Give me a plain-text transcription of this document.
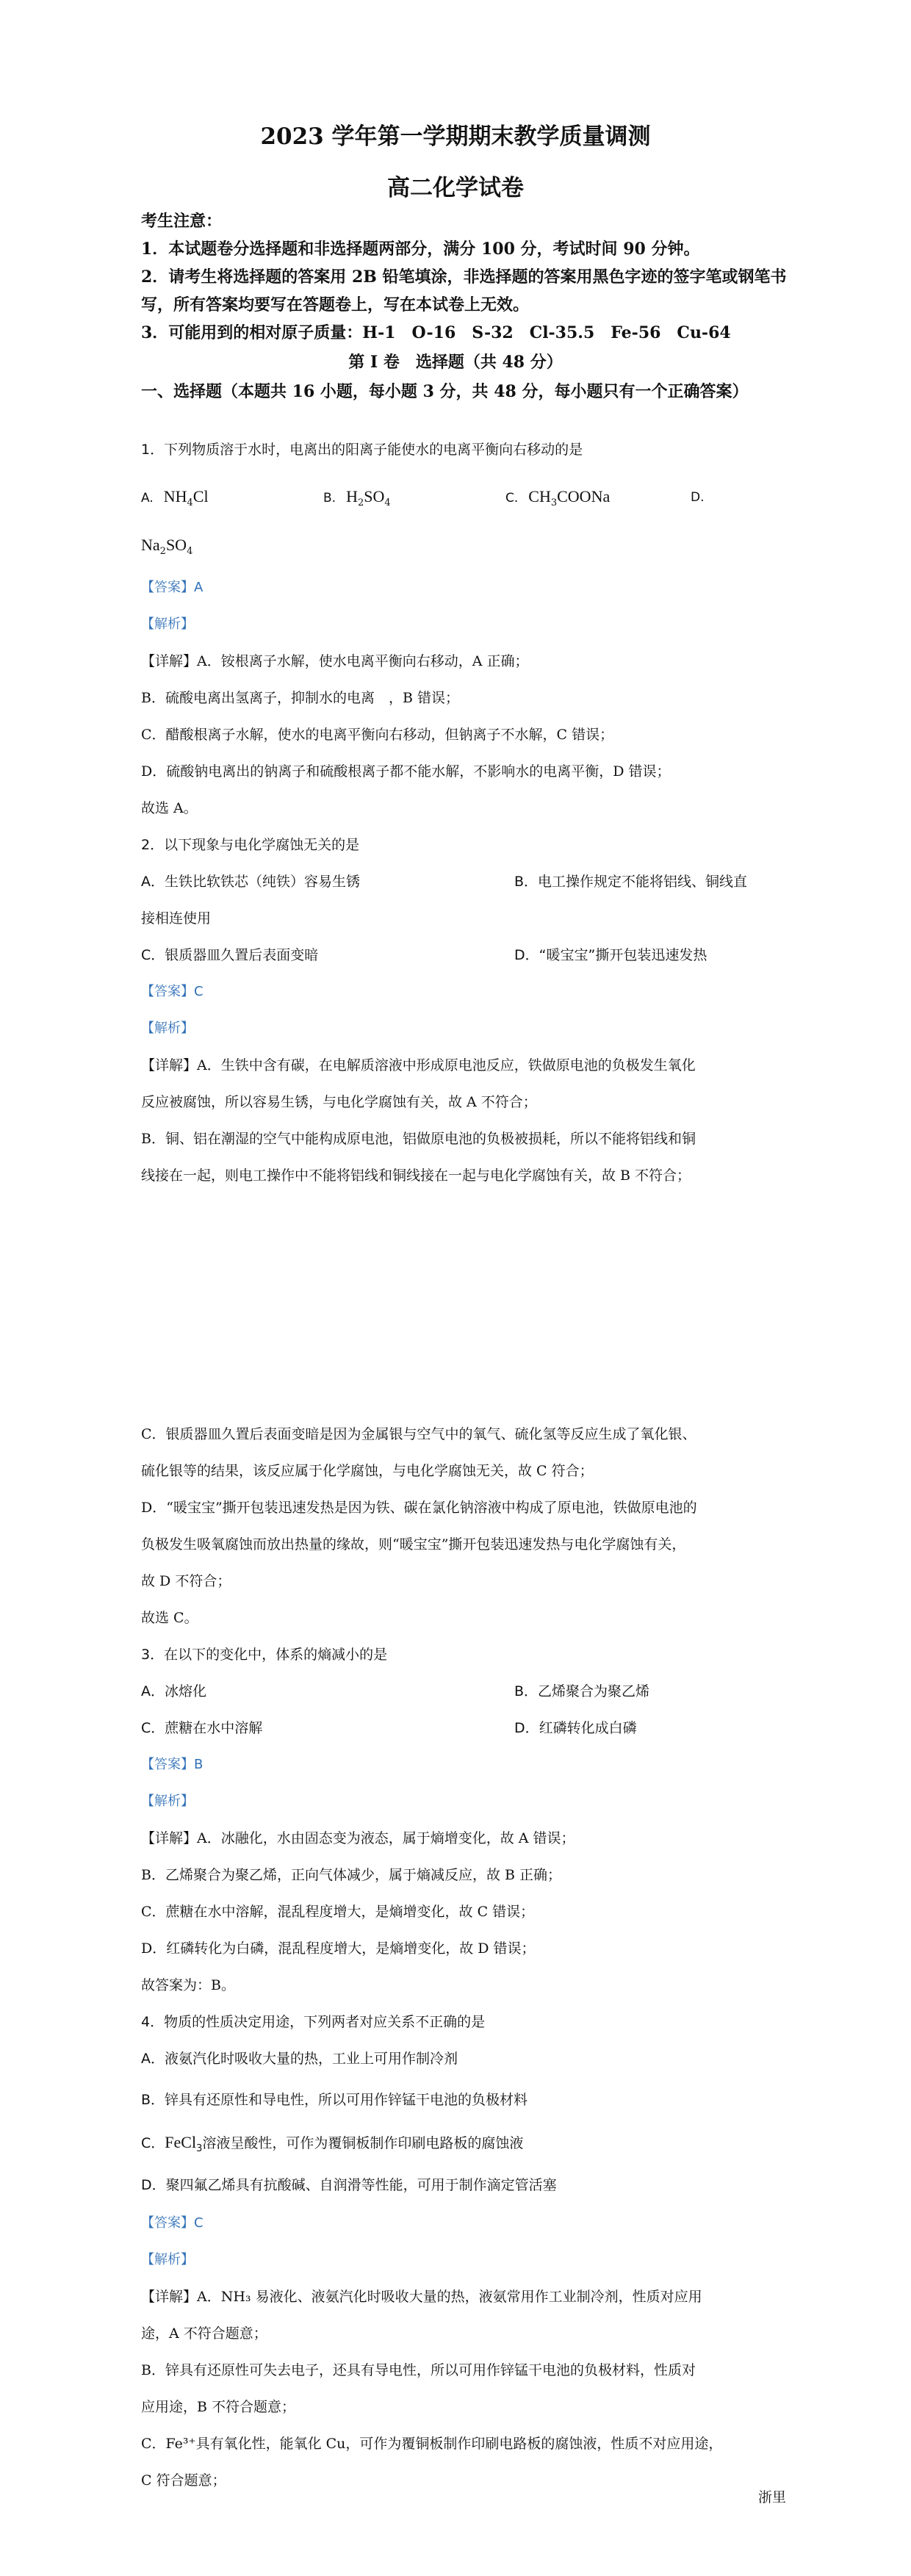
2023 学年第一学期期末教学质量调测
高二化学试卷

考生注意：

1．本试题卷分选择题和非选择题两部分，满分 100 分，考试时间 90 分钟。

2．请考生将选择题的答案用 2B 铅笔填涂，非选择题的答案用黑色字迹的签字笔或钢笔书写，所有答案均要写在答题卷上，写在本试卷上无效。

3．可能用到的相对原子质量：H-1　O-16　S-32　Cl-35.5　Fe-56　Cu-64

第 I 卷　选择题（共 48 分）
一、选择题（本题共 16 小题，每小题 3 分，共 48 分，每小题只有一个正确答案）
1．下列物质溶于水时，电离出的阳离子能使水的电离平衡向右移动的是
A. $NH_4Cl$	B. $H_2SO_4$	C. $CH_3COONa$	D.
$Na_2SO_4$
【答案】A
【解析】
【详解】A．铵根离子水解，使水电离平衡向右移动，A 正确；
B．硫酸电离出氢离子，抑制水的电离　，B 错误；
C．醋酸根离子水解，使水的电离平衡向右移动，但钠离子不水解，C 错误；
D．硫酸钠电离出的钠离子和硫酸根离子都不能水解，不影响水的电离平衡，D 错误；
故选 A。
2．以下现象与电化学腐蚀无关的是
A．生铁比软铁芯（纯铁）容易生锈	B．电工操作规定不能将铝线、铜线直
接相连使用
C．银质器皿久置后表面变暗	D．“暖宝宝”撕开包装迅速发热
【答案】C
【解析】
【详解】A．生铁中含有碳，在电解质溶液中形成原电池反应，铁做原电池的负极发生氧化
反应被腐蚀，所以容易生锈，与电化学腐蚀有关，故 A 不符合；
B．铜、铝在潮湿的空气中能构成原电池，铝做原电池的负极被损耗，所以不能将铝线和铜
线接在一起，则电工操作中不能将铝线和铜线接在一起与电化学腐蚀有关，故 B 不符合；
C．银质器皿久置后表面变暗是因为金属银与空气中的氧气、硫化氢等反应生成了氧化银、
硫化银等的结果，该反应属于化学腐蚀，与电化学腐蚀无关，故 C 符合；
D．“暖宝宝”撕开包装迅速发热是因为铁、碳在氯化钠溶液中构成了原电池，铁做原电池的
负极发生吸氧腐蚀而放出热量的缘故，则“暖宝宝”撕开包装迅速发热与电化学腐蚀有关，
故 D 不符合；
故选 C。
3．在以下的变化中，体系的熵减小的是
A．冰熔化	B．乙烯聚合为聚乙烯
C．蔗糖在水中溶解	D．红磷转化成白磷
【答案】B
【解析】
【详解】A．冰融化，水由固态变为液态，属于熵增变化，故 A 错误；
B．乙烯聚合为聚乙烯，正向气体减少，属于熵减反应，故 B 正确；
C．蔗糖在水中溶解，混乱程度增大，是熵增变化，故 C 错误；
D．红磷转化为白磷，混乱程度增大，是熵增变化，故 D 错误；
故答案为：B。
4．物质的性质决定用途，下列两者对应关系不正确的是
A．液氨汽化时吸收大量的热，工业上可用作制冷剂
B．锌具有还原性和导电性，所以可用作锌锰干电池的负极材料
C．FeCl$_3$溶液呈酸性，可作为覆铜板制作印刷电路板的腐蚀液
D．聚四氟乙烯具有抗酸碱、自润滑等性能，可用于制作滴定管活塞
【答案】C
【解析】
【详解】A．NH₃ 易液化、液氨汽化时吸收大量的热，液氨常用作工业制冷剂，性质对应用
途，A 不符合题意；
B．锌具有还原性可失去电子，还具有导电性，所以可用作锌锰干电池的负极材料，性质对
应用途，B 不符合题意；
C．Fe³⁺具有氧化性，能氧化 Cu，可作为覆铜板制作印刷电路板的腐蚀液，性质不对应用途，
C 符合题意；
浙里
